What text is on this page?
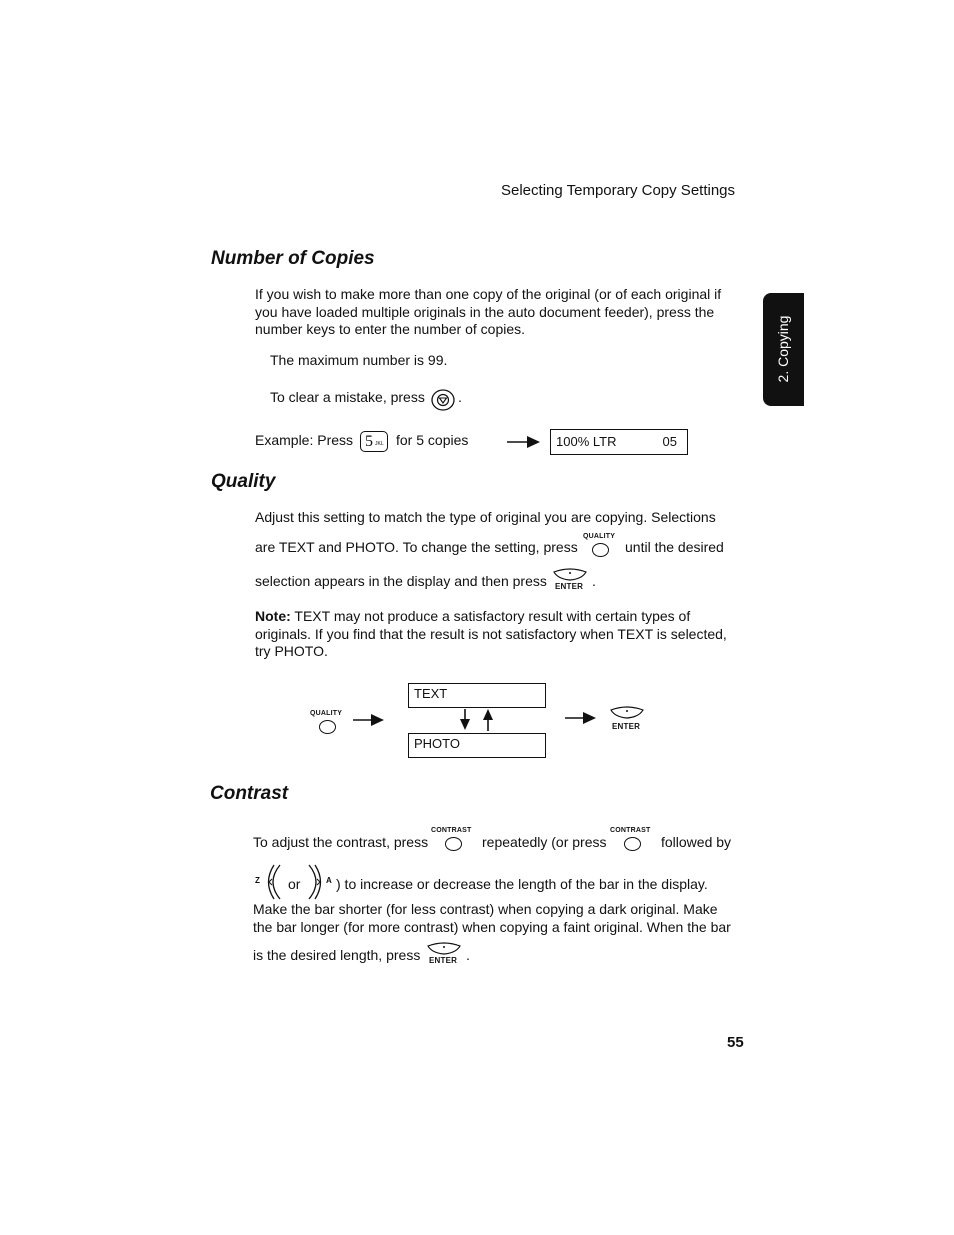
Selecting Temporary Copy Settings
2. Copying
Number of Copies
If you wish to make more than one copy of the original (or of each original if you have loaded multiple originals in the auto document feeder), press the number keys to enter the number of copies.
The maximum number is 99.
To clear a mistake, press .
Example: Press 5 JKL for 5 copies	100% LTR	05
Quality
Adjust this setting to match the type of original you are copying. Selections
are TEXT and PHOTO. To change the setting, press
QUALITY
until the desired
selection appears in the display and then press ENTER .
Note: TEXT may not produce a satisfactory result with certain types of originals. If you find that the result is not satisfactory when TEXT is selected, try PHOTO.
QUALITY
TEXT
PHOTO
ENTER
Contrast
To adjust the contrast, press
CONTRAST
repeatedly (or press
CONTRAST
followed by
Z or	A ) to increase or decrease the length of the bar in the display.
Make the bar shorter (for less contrast) when copying a dark original. Make the bar longer (for more contrast) when copying a faint original. When the bar
is the desired length, press ENTER .
55
